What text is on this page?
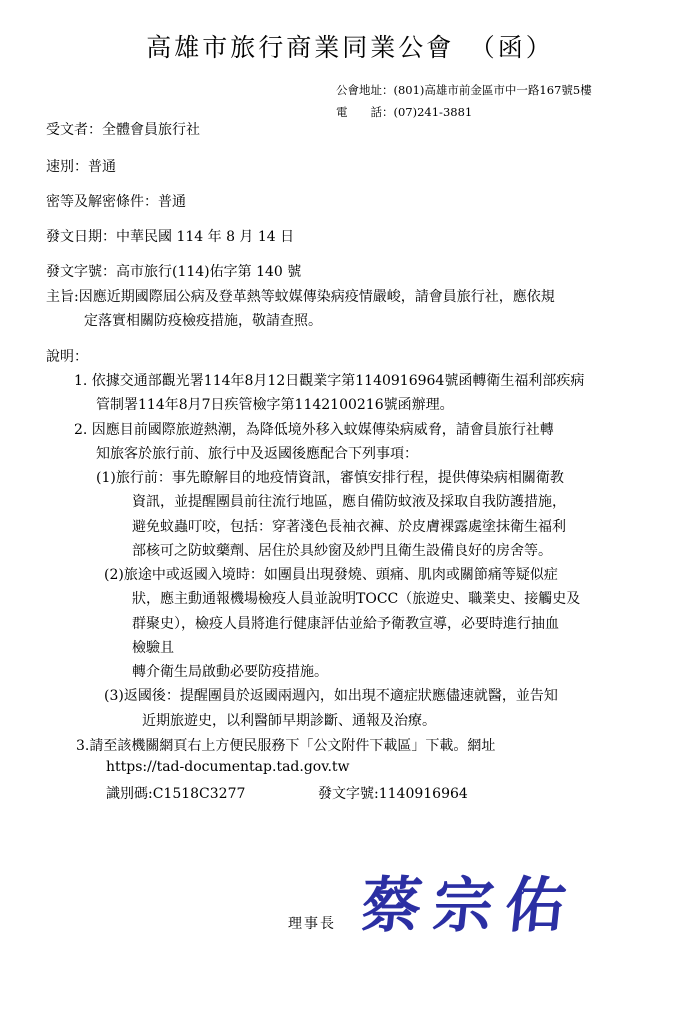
高雄市旅行商業同業公會　（函）
公會地址：(801)高雄市前金區市中一路167號5樓
電　　話：(07)241-3881
受文者：全體會員旅行社
速別：普通
密等及解密條件：普通
發文日期：中華民國 114 年 8 月 14 日
發文字號：高市旅行(114)佑字第 140 號
主旨:因應近期國際屆公病及登革熱等蚊媒傳染病疫情嚴峻，請會員旅行社，應依規
定落實相關防疫檢疫措施，敬請查照。
說明：
1. 依據交通部觀光署114年8月12日觀業字第1140916964號函轉衛生福利部疾病
管制署114年8月7日疾管檢字第1142100216號函辦理。
2. 因應目前國際旅遊熱潮，為降低境外移入蚊媒傳染病威脅，請會員旅行社轉
知旅客於旅行前、旅行中及返國後應配合下列事項：
(1)旅行前：事先瞭解目的地疫情資訊，審慎安排行程，提供傳染病相關衛教
資訊，並提醒團員前往流行地區，應自備防蚊液及採取自我防護措施，
避免蚊蟲叮咬，包括：穿著淺色長袖衣褲、於皮膚裸露處塗抹衛生福利
部核可之防蚊藥劑、居住於具紗窗及紗門且衛生設備良好的房舍等。
(2)旅途中或返國入境時：如團員出現發燒、頭痛、肌肉或關節痛等疑似症
狀，應主動通報機場檢疫人員並說明TOCC（旅遊史、職業史、接觸史及
群聚史），檢疫人員將進行健康評估並給予衛教宣導，必要時進行抽血
檢驗且
轉介衛生局啟動必要防疫措施。
(3)返國後：提醒團員於返國兩週內，如出現不適症狀應儘速就醫，並告知
近期旅遊史，以利醫師早期診斷、通報及治療。
3.請至該機關網頁右上方便民服務下「公文附件下載區」下載。網址
https://tad-documentap.tad.gov.tw
識別碼:C1518C3277	發文字號:1140916964
理事長 蔡宗佑
